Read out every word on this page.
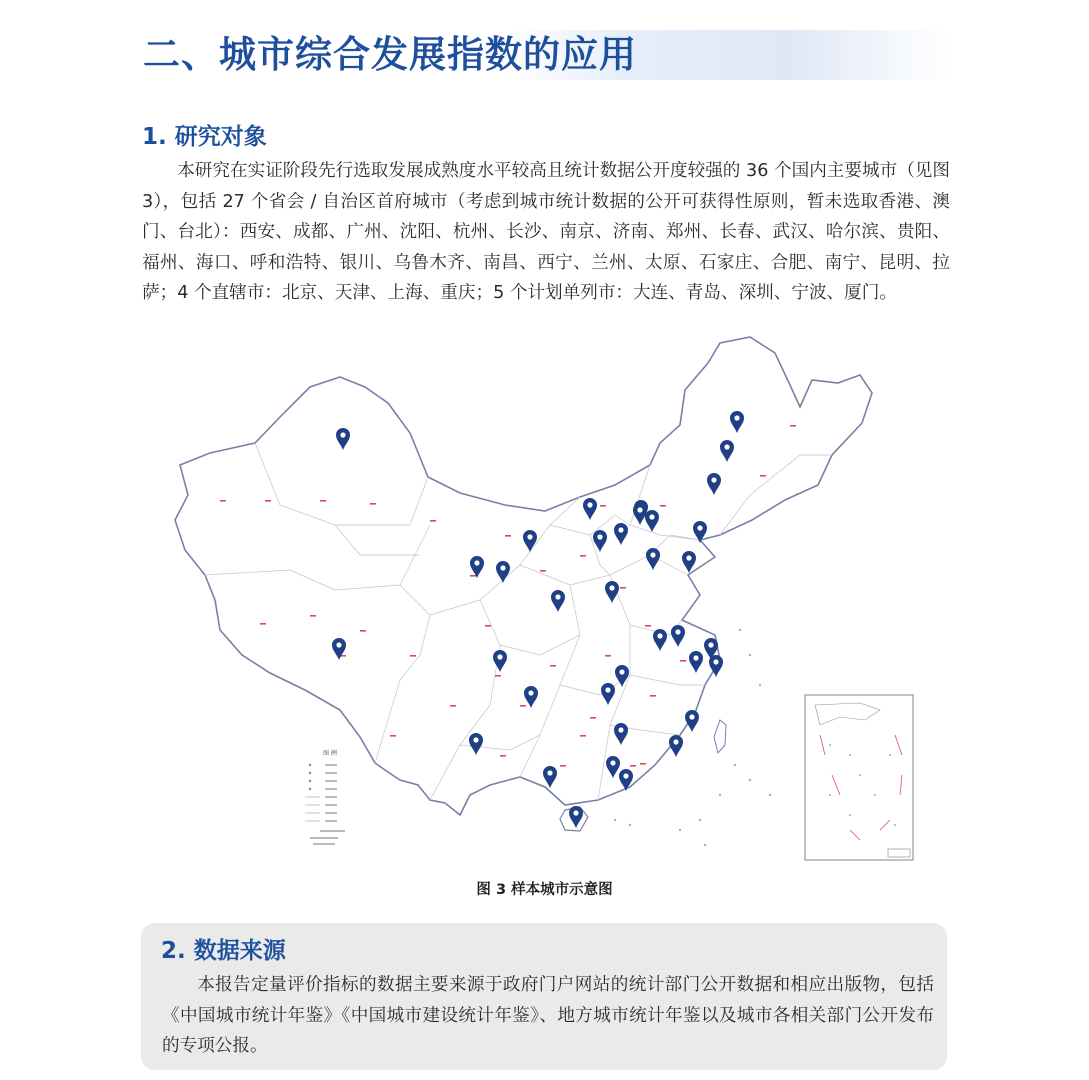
二、城市综合发展指数的应用
1. 研究对象

本研究在实证阶段先行选取发展成熟度水平较高且统计数据公开度较强的 36 个国内主要城市（见图 3），包括 27 个省会 / 自治区首府城市（考虑到城市统计数据的公开可获得性原则，暂未选取香港、澳门、台北）：西安、成都、广州、沈阳、杭州、长沙、南京、济南、郑州、长春、武汉、哈尔滨、贵阳、福州、海口、呼和浩特、银川、乌鲁木齐、南昌、西宁、兰州、太原、石家庄、合肥、南宁、昆明、拉萨；4 个直辖市：北京、天津、上海、重庆；5 个计划单列市：大连、青岛、深圳、宁波、厦门。

图 例

图 3 样本城市示意图

2. 数据来源

本报告定量评价指标的数据主要来源于政府门户网站的统计部门公开数据和相应出版物，包括《中国城市统计年鉴》《中国城市建设统计年鉴》、地方城市统计年鉴以及城市各相关部门公开发布的专项公报。
